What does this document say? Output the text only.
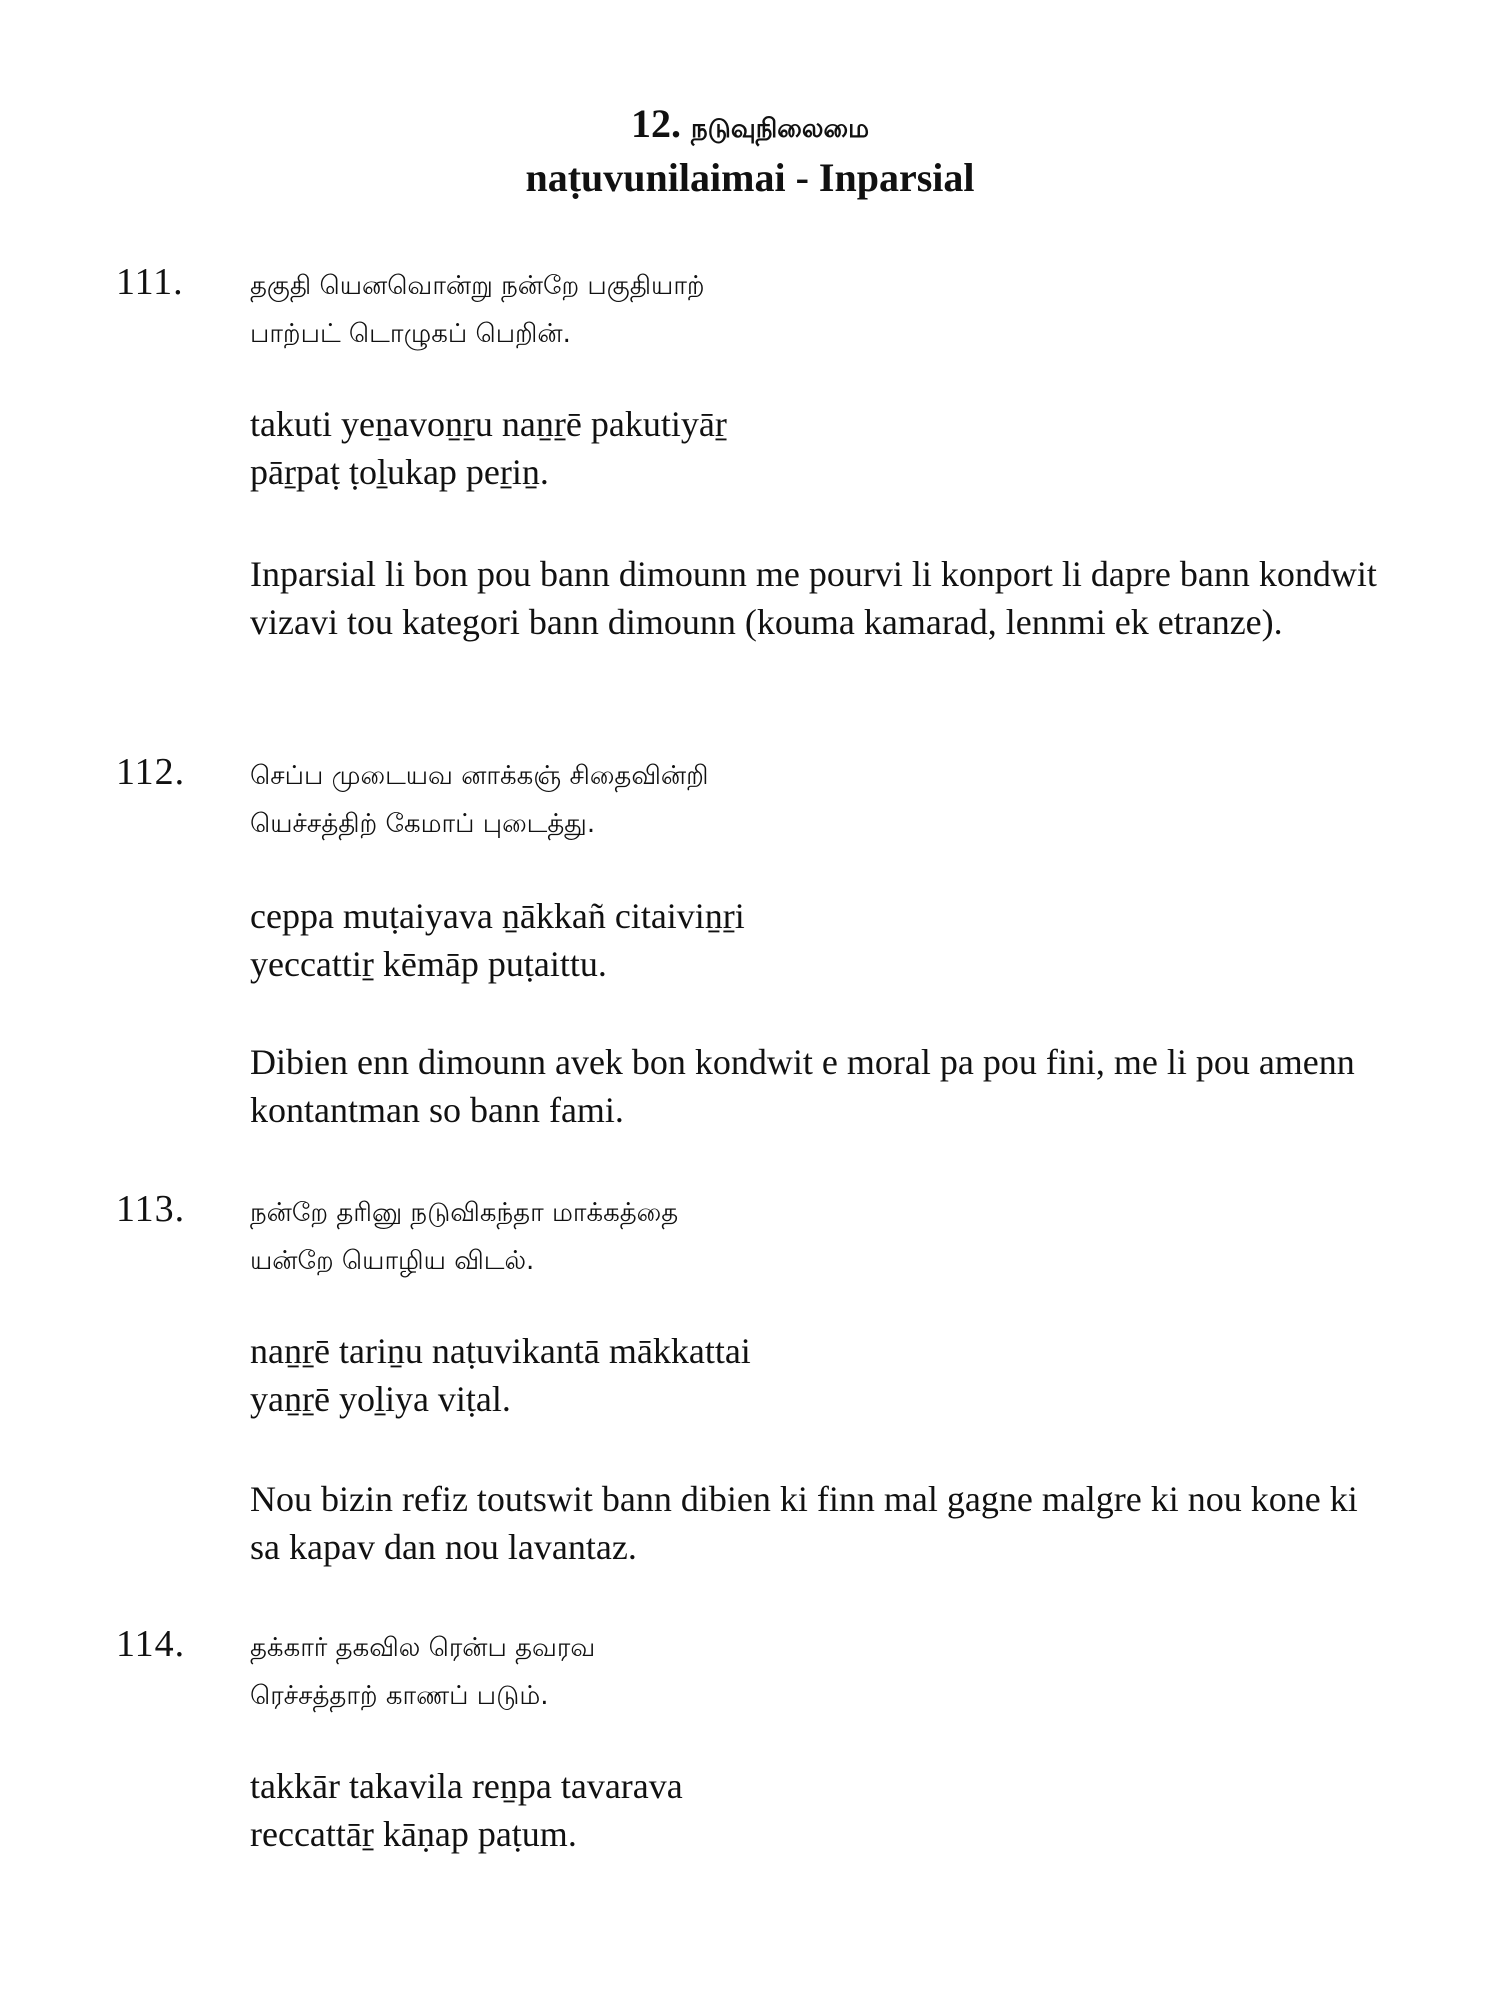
12. நடுவுநிலைமை
naṭuvunilaimai - Inparsial
111.	தகுதி யெனவொன்று நன்றே பகுதியாற்
பாற்பட் டொழுகப் பெறின்.
takuti yeṉavoṉṟu naṉṟē pakutiyāṟ
pāṟpaṭ ṭoḻukap peṟiṉ.
Inparsial li bon pou bann dimounn me pourvi li konport li dapre bann kondwit vizavi tou kategori bann dimounn (kouma kamarad, lennmi ek etranze).
112. செப்ப முடையவ னாக்கஞ் சிதைவின்றி
யெச்சத்திற் கேமாப் புடைத்து.
ceppa muṭaiyava ṉākkañ citaiviṉṟi
yeccattiṟ kēmāp puṭaittu.
Dibien enn dimounn avek bon kondwit e moral pa pou fini, me li pou amenn kontantman so bann fami.
113. நன்றே தரினு நடுவிகந்தா மாக்கத்தை
யன்றே யொழிய விடல்.
naṉṟē tariṉu naṭuvikantā mākkattai
yaṉṟē yoḻiya viṭal.
Nou bizin refiz toutswit bann dibien ki finn mal gagne malgre ki nou kone ki sa kapav dan nou lavantaz.
114. தக்கார் தகவில ரென்ப தவரவ
ரெச்சத்தாற் காணப் படும்.
takkār takavila reṉpa tavarava
reccattāṟ kāṇap paṭum.
